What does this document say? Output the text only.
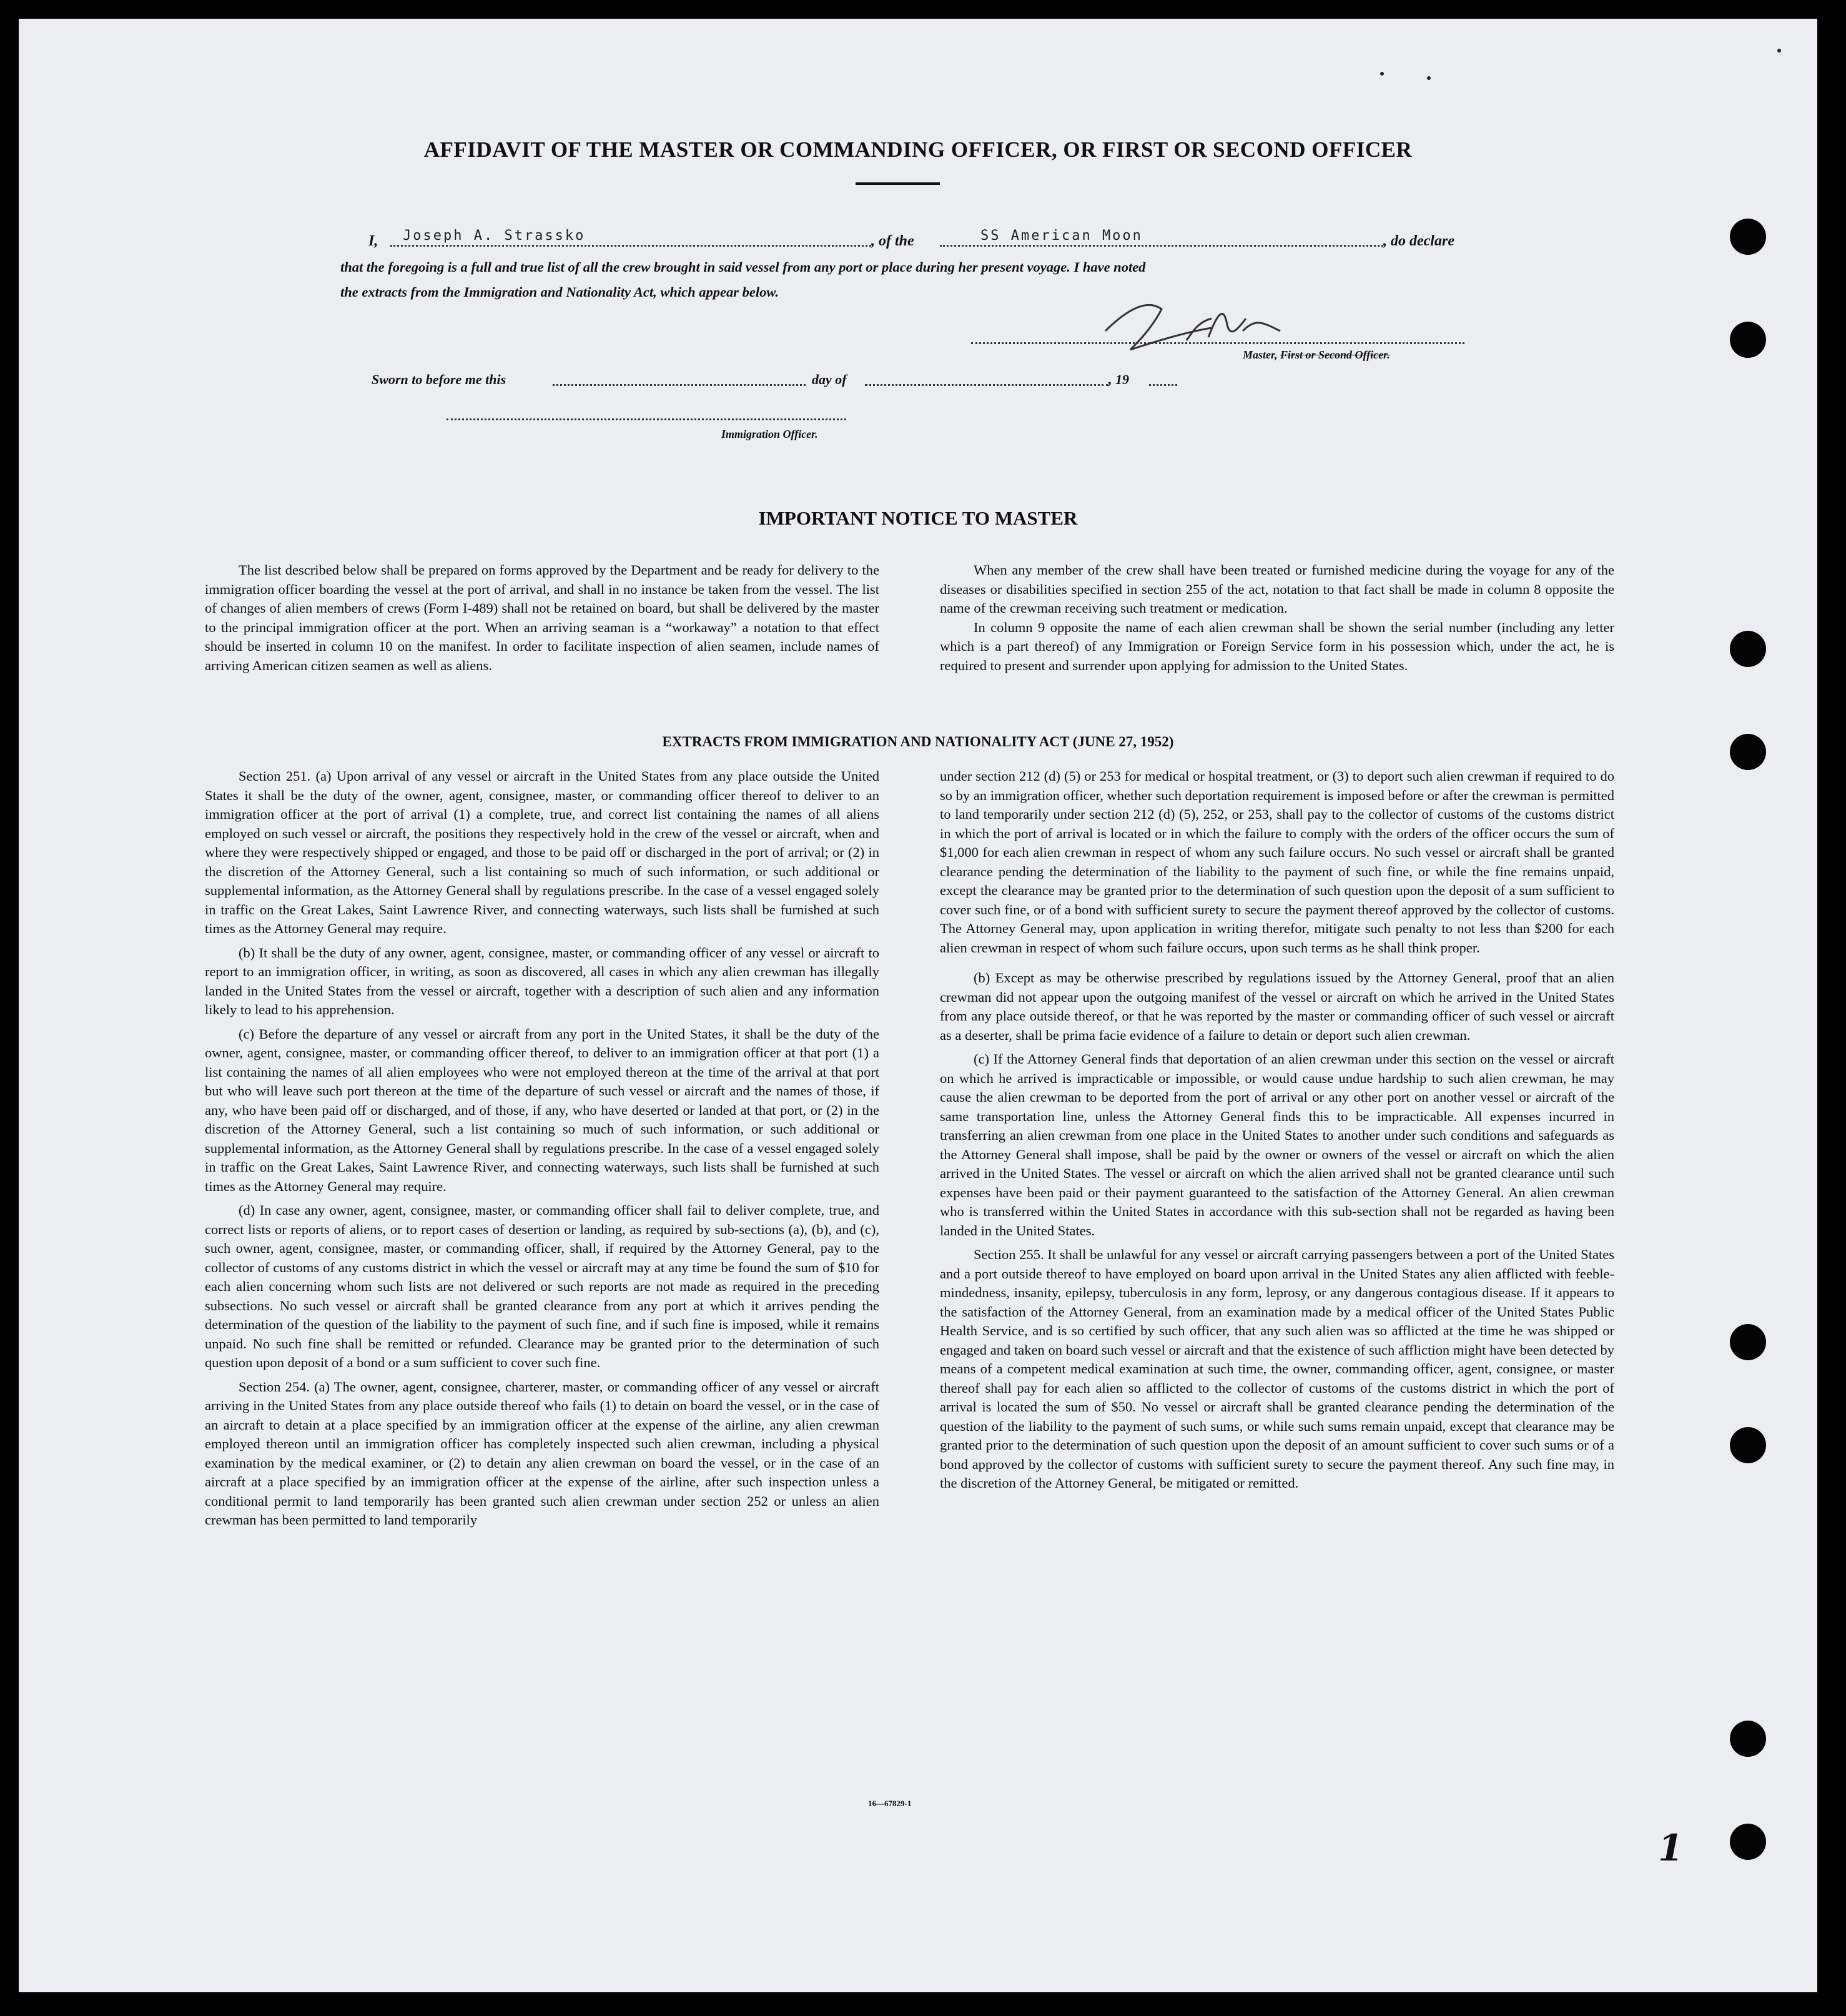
AFFIDAVIT OF THE MASTER OR COMMANDING OFFICER, OR FIRST OR SECOND OFFICER
I, Joseph A. Strassko	, of the	SS American Moon	, do declare
that the foregoing is a full and true list of all the crew brought in said vessel from any port or place during her present voyage. I have noted
the extracts from the Immigration and Nationality Act, which appear below.
Master, First or Second Officer.
Sworn to before me this	day of	, 19
Immigration Officer.
IMPORTANT NOTICE TO MASTER

The list described below shall be prepared on forms approved by the Department and be ready for delivery to the immigration officer boarding the vessel at the port of arrival, and shall in no instance be taken from the vessel. The list of changes of alien members of crews (Form I-489) shall not be retained on board, but shall be delivered by the master to the principal immigration officer at the port. When an arriving seaman is a “workaway” a notation to that effect should be inserted in column 10 on the manifest. In order to facilitate inspection of alien seamen, include names of arriving American citizen seamen as well as aliens.

When any member of the crew shall have been treated or furnished medicine during the voyage for any of the diseases or disabilities specified in section 255 of the act, notation to that fact shall be made in column 8 opposite the name of the crewman receiving such treatment or medication.

In column 9 opposite the name of each alien crewman shall be shown the serial number (including any letter which is a part thereof) of any Immigration or Foreign Service form in his possession which, under the act, he is required to present and surrender upon applying for admission to the United States.

EXTRACTS FROM IMMIGRATION AND NATIONALITY ACT (JUNE 27, 1952)

Section 251. (a) Upon arrival of any vessel or aircraft in the United States from any place outside the United States it shall be the duty of the owner, agent, consignee, master, or commanding officer thereof to deliver to an immigration officer at the port of arrival (1) a complete, true, and correct list containing the names of all aliens employed on such vessel or aircraft, the positions they respectively hold in the crew of the vessel or aircraft, when and where they were respectively shipped or engaged, and those to be paid off or discharged in the port of arrival; or (2) in the discretion of the Attorney General, such a list containing so much of such information, or such additional or supplemental information, as the Attorney General shall by regulations prescribe. In the case of a vessel engaged solely in traffic on the Great Lakes, Saint Lawrence River, and connecting waterways, such lists shall be furnished at such times as the Attorney General may require.

(b) It shall be the duty of any owner, agent, consignee, master, or commanding officer of any vessel or aircraft to report to an immigration officer, in writing, as soon as discovered, all cases in which any alien crewman has illegally landed in the United States from the vessel or aircraft, together with a description of such alien and any information likely to lead to his apprehension.

(c) Before the departure of any vessel or aircraft from any port in the United States, it shall be the duty of the owner, agent, consignee, master, or commanding officer thereof, to deliver to an immigration officer at that port (1) a list containing the names of all alien employees who were not employed thereon at the time of the arrival at that port but who will leave such port thereon at the time of the departure of such vessel or aircraft and the names of those, if any, who have been paid off or discharged, and of those, if any, who have deserted or landed at that port, or (2) in the discretion of the Attorney General, such a list containing so much of such information, or such additional or supplemental information, as the Attorney General shall by regulations prescribe. In the case of a vessel engaged solely in traffic on the Great Lakes, Saint Lawrence River, and connecting waterways, such lists shall be furnished at such times as the Attorney General may require.

(d) In case any owner, agent, consignee, master, or commanding officer shall fail to deliver complete, true, and correct lists or reports of aliens, or to report cases of desertion or landing, as required by sub-sections (a), (b), and (c), such owner, agent, consignee, master, or commanding officer, shall, if required by the Attorney General, pay to the collector of customs of any customs district in which the vessel or aircraft may at any time be found the sum of $10 for each alien concerning whom such lists are not delivered or such reports are not made as required in the preceding subsections. No such vessel or aircraft shall be granted clearance from any port at which it arrives pending the determination of the question of the liability to the payment of such fine, and if such fine is imposed, while it remains unpaid. No such fine shall be remitted or refunded. Clearance may be granted prior to the determination of such question upon deposit of a bond or a sum sufficient to cover such fine.

Section 254. (a) The owner, agent, consignee, charterer, master, or commanding officer of any vessel or aircraft arriving in the United States from any place outside thereof who fails (1) to detain on board the vessel, or in the case of an aircraft to detain at a place specified by an immigration officer at the expense of the airline, any alien crewman employed thereon until an immigration officer has completely inspected such alien crewman, including a physical examination by the medical examiner, or (2) to detain any alien crewman on board the vessel, or in the case of an aircraft at a place specified by an immigration officer at the expense of the airline, after such inspection unless a conditional permit to land temporarily has been granted such alien crewman under section 252 or unless an alien crewman has been permitted to land temporarily

under section 212 (d) (5) or 253 for medical or hospital treatment, or (3) to deport such alien crewman if required to do so by an immigration officer, whether such deportation requirement is imposed before or after the crewman is permitted to land temporarily under section 212 (d) (5), 252, or 253, shall pay to the collector of customs of the customs district in which the port of arrival is located or in which the failure to comply with the orders of the officer occurs the sum of $1,000 for each alien crewman in respect of whom any such failure occurs. No such vessel or aircraft shall be granted clearance pending the determination of the liability to the payment of such fine, or while the fine remains unpaid, except the clearance may be granted prior to the determination of such question upon the deposit of a sum sufficient to cover such fine, or of a bond with sufficient surety to secure the payment thereof approved by the collector of customs. The Attorney General may, upon application in writing therefor, mitigate such penalty to not less than $200 for each alien crewman in respect of whom such failure occurs, upon such terms as he shall think proper.

(b) Except as may be otherwise prescribed by regulations issued by the Attorney General, proof that an alien crewman did not appear upon the outgoing manifest of the vessel or aircraft on which he arrived in the United States from any place outside thereof, or that he was reported by the master or commanding officer of such vessel or aircraft as a deserter, shall be prima facie evidence of a failure to detain or deport such alien crewman.

(c) If the Attorney General finds that deportation of an alien crewman under this section on the vessel or aircraft on which he arrived is impracticable or impossible, or would cause undue hardship to such alien crewman, he may cause the alien crewman to be deported from the port of arrival or any other port on another vessel or aircraft of the same transportation line, unless the Attorney General finds this to be impracticable. All expenses incurred in transferring an alien crewman from one place in the United States to another under such conditions and safeguards as the Attorney General shall impose, shall be paid by the owner or owners of the vessel or aircraft on which the alien arrived in the United States. The vessel or aircraft on which the alien arrived shall not be granted clearance until such expenses have been paid or their payment guaranteed to the satisfaction of the Attorney General. An alien crewman who is transferred within the United States in accordance with this sub-section shall not be regarded as having been landed in the United States.

Section 255. It shall be unlawful for any vessel or aircraft carrying passengers between a port of the United States and a port outside thereof to have employed on board upon arrival in the United States any alien afflicted with feeble-mindedness, insanity, epilepsy, tuberculosis in any form, leprosy, or any dangerous contagious disease. If it appears to the satisfaction of the Attorney General, from an examination made by a medical officer of the United States Public Health Service, and is so certified by such officer, that any such alien was so afflicted at the time he was shipped or engaged and taken on board such vessel or aircraft and that the existence of such affliction might have been detected by means of a competent medical examination at such time, the owner, commanding officer, agent, consignee, or master thereof shall pay for each alien so afflicted to the collector of customs of the customs district in which the port of arrival is located the sum of $50. No vessel or aircraft shall be granted clearance pending the determination of the question of the liability to the payment of such sums, or while such sums remain unpaid, except that clearance may be granted prior to the determination of such question upon the deposit of an amount sufficient to cover such sums or of a bond approved by the collector of customs with sufficient surety to secure the payment thereof. Any such fine may, in the discretion of the Attorney General, be mitigated or remitted.

16—67829-1
1
